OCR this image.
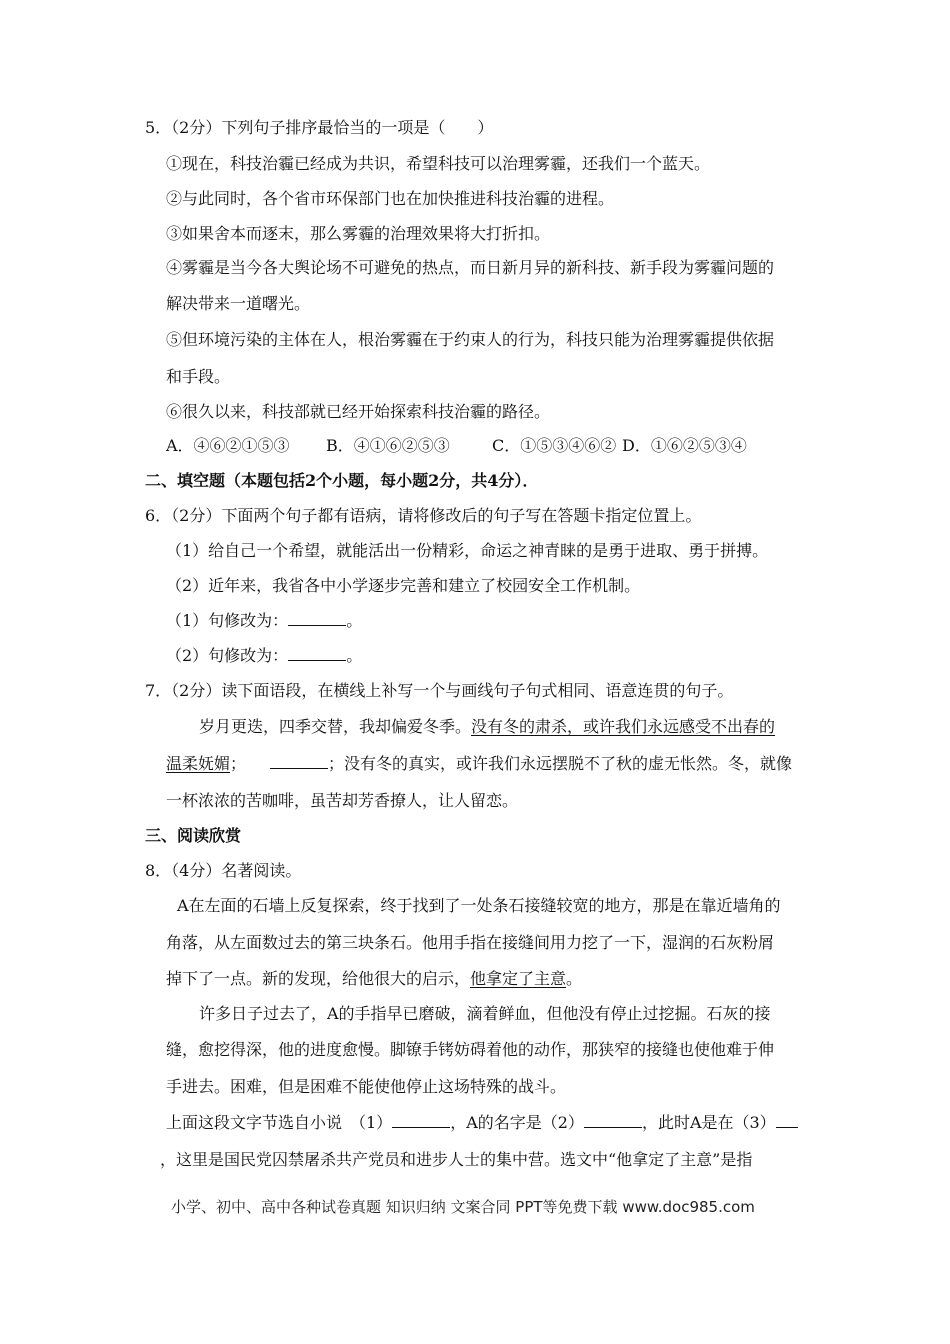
5．（2分）下列句子排序最恰当的一项是（　　）
①现在，科技治霾已经成为共识，希望科技可以治理雾霾，还我们一个蓝天。
②与此同时，各个省市环保部门也在加快推进科技治霾的进程。
③如果舍本而逐末，那么雾霾的治理效果将大打折扣。
④雾霾是当今各大舆论场不可避免的热点，而日新月异的新科技、新手段为雾霾问题的
解决带来一道曙光。
⑤但环境污染的主体在人，根治雾霾在于约束人的行为，科技只能为治理雾霾提供依据
和手段。
⑥很久以来，科技部就已经开始探索科技治霾的路径。
A．④⑥②①⑤③ B．④①⑥②⑤③	C．①⑤③④⑥② D．①⑥②⑤③④
二、填空题（本题包括2个小题，每小题2分，共4分）．
6．（2分）下面两个句子都有语病，请将修改后的句子写在答题卡指定位置上。
（1）给自己一个希望，就能活出一份精彩，命运之神青睐的是勇于进取、勇于拼搏。
（2）近年来，我省各中小学逐步完善和建立了校园安全工作机制。
（1）句修改为：	。
（2）句修改为：	。
7．（2分）读下面语段，在横线上补写一个与画线句子句式相同、语意连贯的句子。
岁月更迭，四季交替，我却偏爱冬季。没有冬的肃杀，或许我们永远感受不出春的
温柔妩媚；	；没有冬的真实，或许我们永远摆脱不了秋的虚无怅然。冬，就像
一杯浓浓的苦咖啡，虽苦却芳香撩人，让人留恋。
三、阅读欣赏
8．（4分）名著阅读。
A在左面的石墙上反复探索，终于找到了一处条石接缝较宽的地方，那是在靠近墙角的
角落，从左面数过去的第三块条石。他用手指在接缝间用力挖了一下，湿润的石灰粉屑
掉下了一点。新的发现，给他很大的启示，他拿定了主意。
许多日子过去了，A的手指早已磨破，滴着鲜血，但他没有停止过挖掘。石灰的接
缝，愈挖得深，他的进度愈慢。脚镣手铐妨碍着他的动作，那狭窄的接缝也使他难于伸
手进去。困难，但是困难不能使他停止这场特殊的战斗。
上面这段文字节选自小说　（1）	，A的名字是（2）	，此时A是在（3）
，这里是国民党囚禁屠杀共产党员和进步人士的集中营。选文中“他拿定了主意”是指
小学、初中、高中各种试卷真题 知识归纳 文案合同 PPT等免费下载 www.doc985.com
